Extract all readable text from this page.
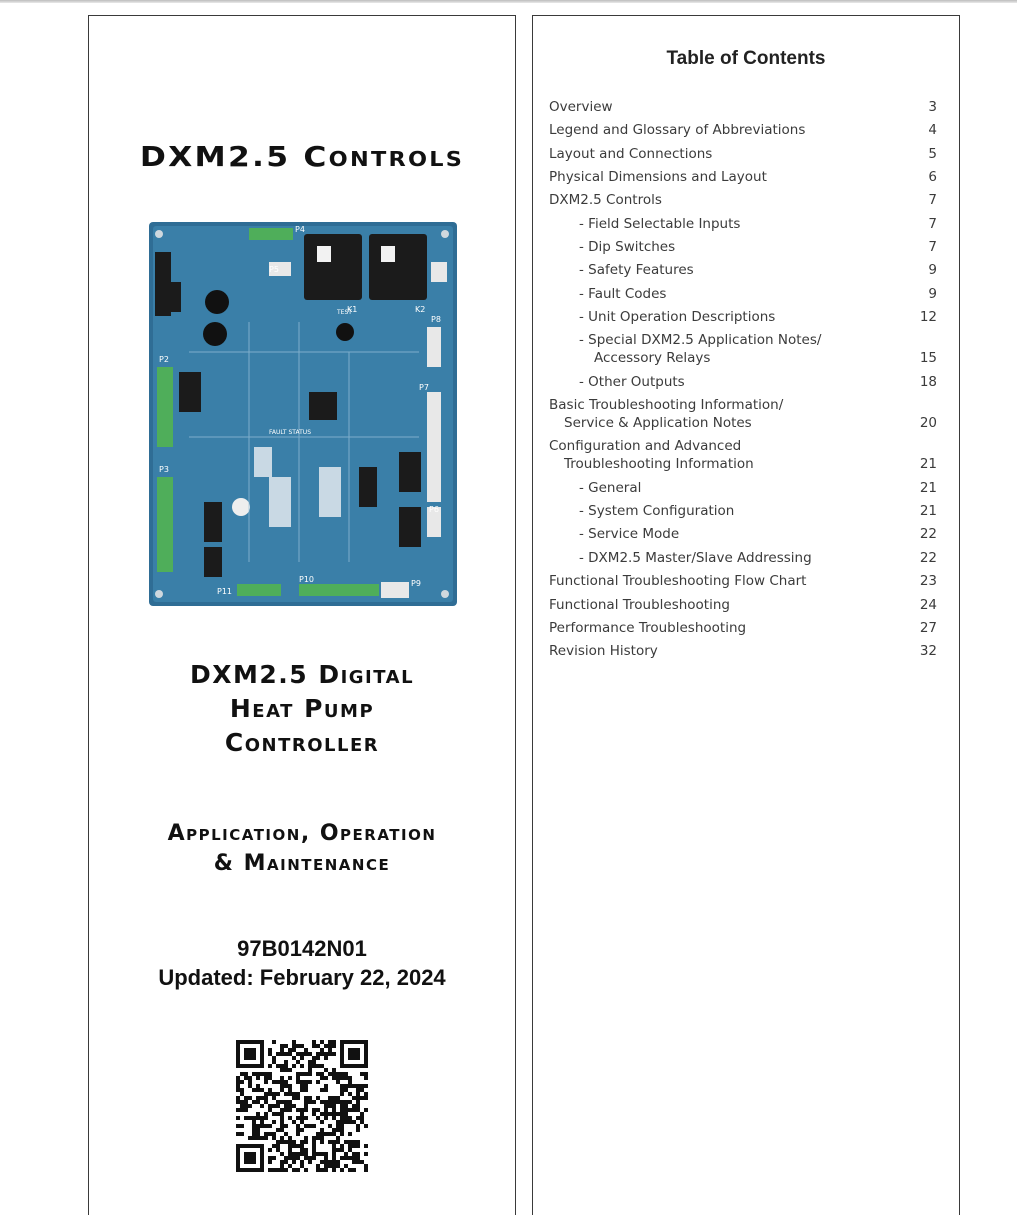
DXM2.5 Controls
P2
P3
P4
P5
P6
P7
P8
P9
P10
P11
K1	K2
TEST
FAULT STATUS
DXM2.5 Digital
Heat Pump
Controller
Application, Operation
& Maintenance
97B0142N01
Updated: February 22, 2024
Table of Contents
Overview	3
Legend and Glossary of Abbreviations	4
Layout and Connections	5
Physical Dimensions and Layout	6
DXM2.5 Controls	7
- Field Selectable Inputs	7
- Dip Switches	7
- Safety Features	9
- Fault Codes	9
- Unit Operation Descriptions	12
- Special DXM2.5 Application Notes/
Accessory Relays	15
- Other Outputs	18
Basic Troubleshooting Information/
Service & Application Notes	20
Configuration and Advanced
Troubleshooting Information	21
- General	21
- System Configuration	21
- Service Mode	22
- DXM2.5 Master/Slave Addressing	22
Functional Troubleshooting Flow Chart	23
Functional Troubleshooting	24
Performance Troubleshooting	27
Revision History	32
